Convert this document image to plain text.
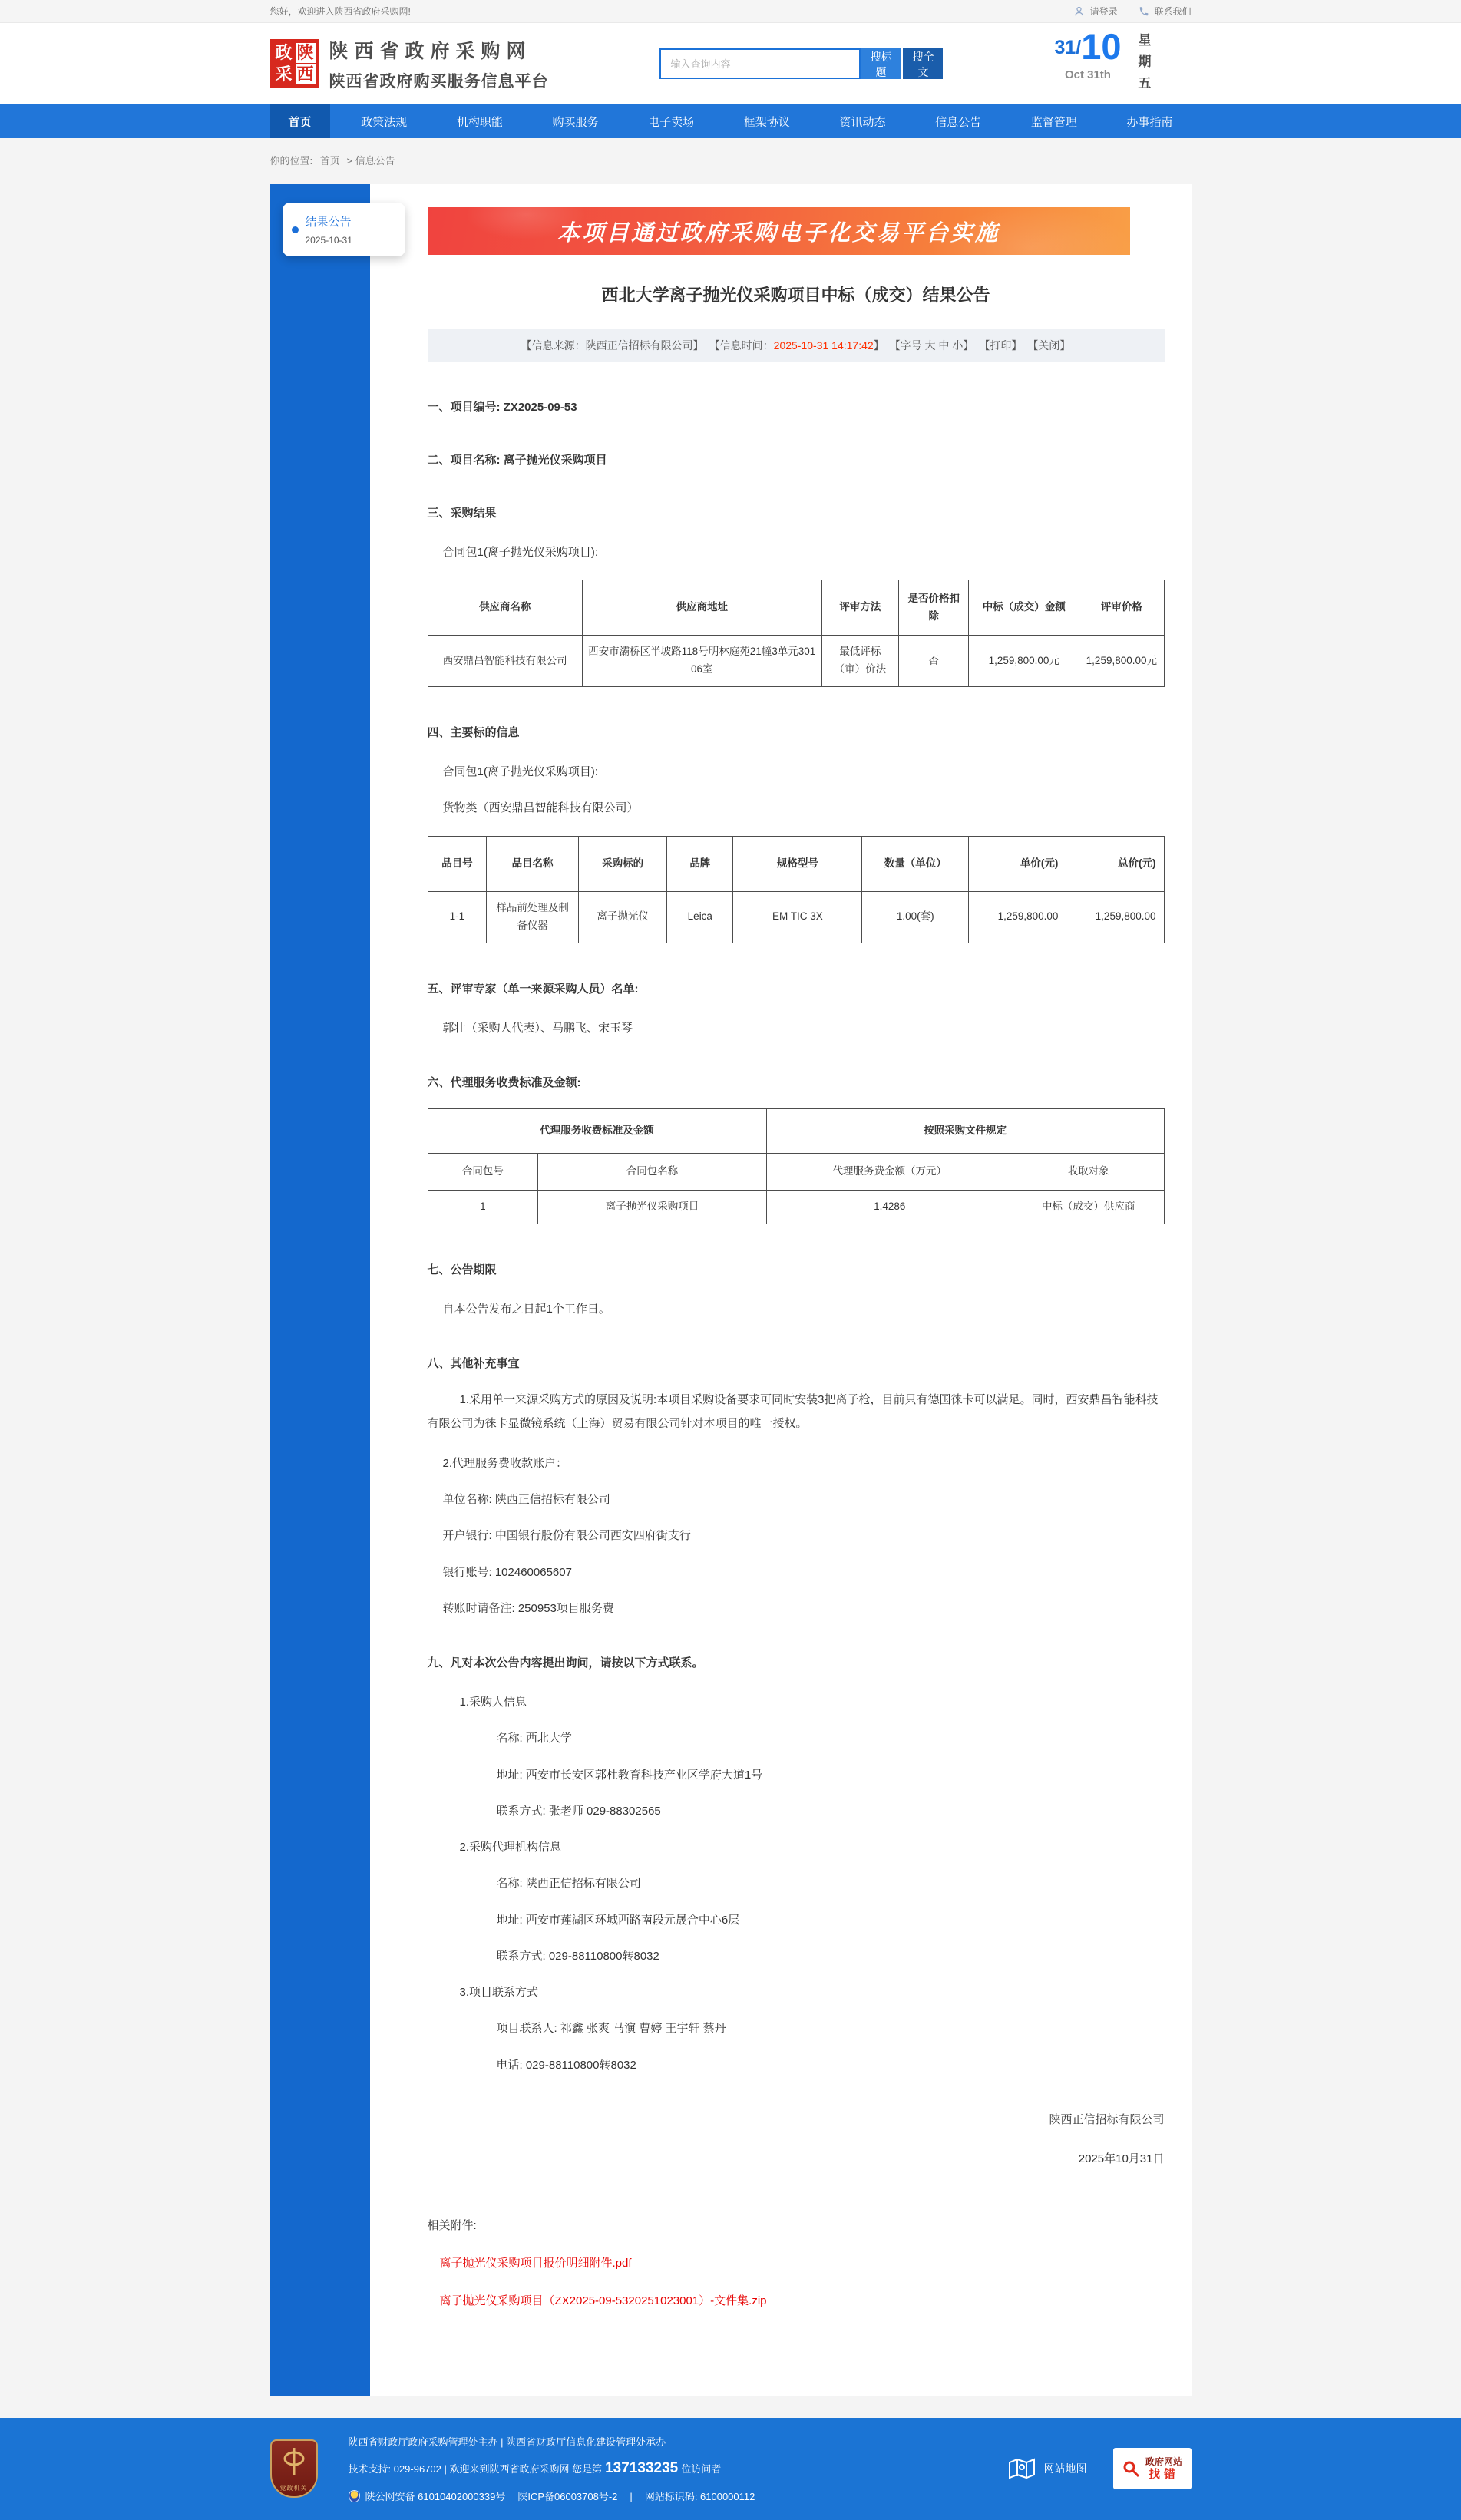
您好，欢迎进入陕西省政府采购网!	请登录	联系我们
政 陕
采 西
陕西省政府采购网
陕西省政府购买服务信息平台
输入查询内容
搜标题
搜全文
31/ 10
Oct 31th	星期五
首页	政策法规	机构职能	购买服务	电子卖场	框架协议	资讯动态	信息公告	监督管理	办事指南
你的位置: 首页 > 信息公告
结果公告
2025-10-31	本项目通过政府采购电子化交易平台实施
西北大学离子抛光仪采购项目中标（成交）结果公告
【信息来源：陕西正信招标有限公司】 【信息时间：2025-10-31 14:17:42】 【字号 大 中 小】 【打印】 【关闭】

一、项目编号: ZX2025-09-53

二、项目名称: 离子抛光仪采购项目

三、采购结果

合同包1(离子抛光仪采购项目):

供应商名称	供应商地址	评审方法	是否价格扣除	中标（成交）金额	评审价格
西安鼎昌智能科技有限公司	西安市灞桥区半坡路118号明林庭苑21幢3单元30106室	最低评标（审）价法	否	1,259,800.00元	1,259,800.00元

四、主要标的信息

合同包1(离子抛光仪采购项目):

货物类（西安鼎昌智能科技有限公司）

品目号	品目名称	采购标的	品牌	规格型号	数量（单位）	单价(元)	总价(元)
1-1	样品前处理及制备仪器	离子抛光仪	Leica	EM TIC 3X	1.00(套)	1,259,800.00	1,259,800.00

五、评审专家（单一来源采购人员）名单:

郭壮（采购人代表）、马鹏飞、宋玉琴

六、代理服务收费标准及金额:

代理服务收费标准及金额		按照采购文件规定	
合同包号	合同包名称	代理服务费金额（万元）	收取对象
1	离子抛光仪采购项目	1.4286	中标（成交）供应商

七、公告期限

自本公告发布之日起1个工作日。

八、其他补充事宜

1.采用单一来源采购方式的原因及说明:本项目采购设备要求可同时安装3把离子枪，目前只有德国徕卡可以满足。同时，西安鼎昌智能科技有限公司为徕卡显微镜系统（上海）贸易有限公司针对本项目的唯一授权。

2.代理服务费收款账户：

单位名称: 陕西正信招标有限公司

开户银行: 中国银行股份有限公司西安四府街支行

银行账号: 102460065607

转账时请备注: 250953项目服务费

九、凡对本次公告内容提出询问，请按以下方式联系。

1.采购人信息

名称: 西北大学

地址: 西安市长安区郭杜教育科技产业区学府大道1号

联系方式: 张老师 029-88302565

2.采购代理机构信息

名称: 陕西正信招标有限公司

地址: 西安市莲湖区环城西路南段元晟合中心6层

联系方式: 029-88110800转8032

3.项目联系方式

项目联系人: 祁鑫 张爽 马演 曹婷 王宇轩 蔡丹

电话: 029-88110800转8032

陕西正信招标有限公司

2025年10月31日

相关附件:

离子抛光仪采购项目报价明细附件.pdf
离子抛光仪采购项目（ZX2025-09-5320251023001）-文件集.zip
党政机关

陕西省财政厅政府采购管理处主办 | 陕西省财政厅信息化建设管理处承办

技术支持: 029-96702 | 欢迎来到陕西省政府采购网 您是第 137133235 位访问者

陕公网安备 61010402000339号 陕ICP备06003708号-2 | 网站标识码: 6100000112

网站地图
政府网站
找错
